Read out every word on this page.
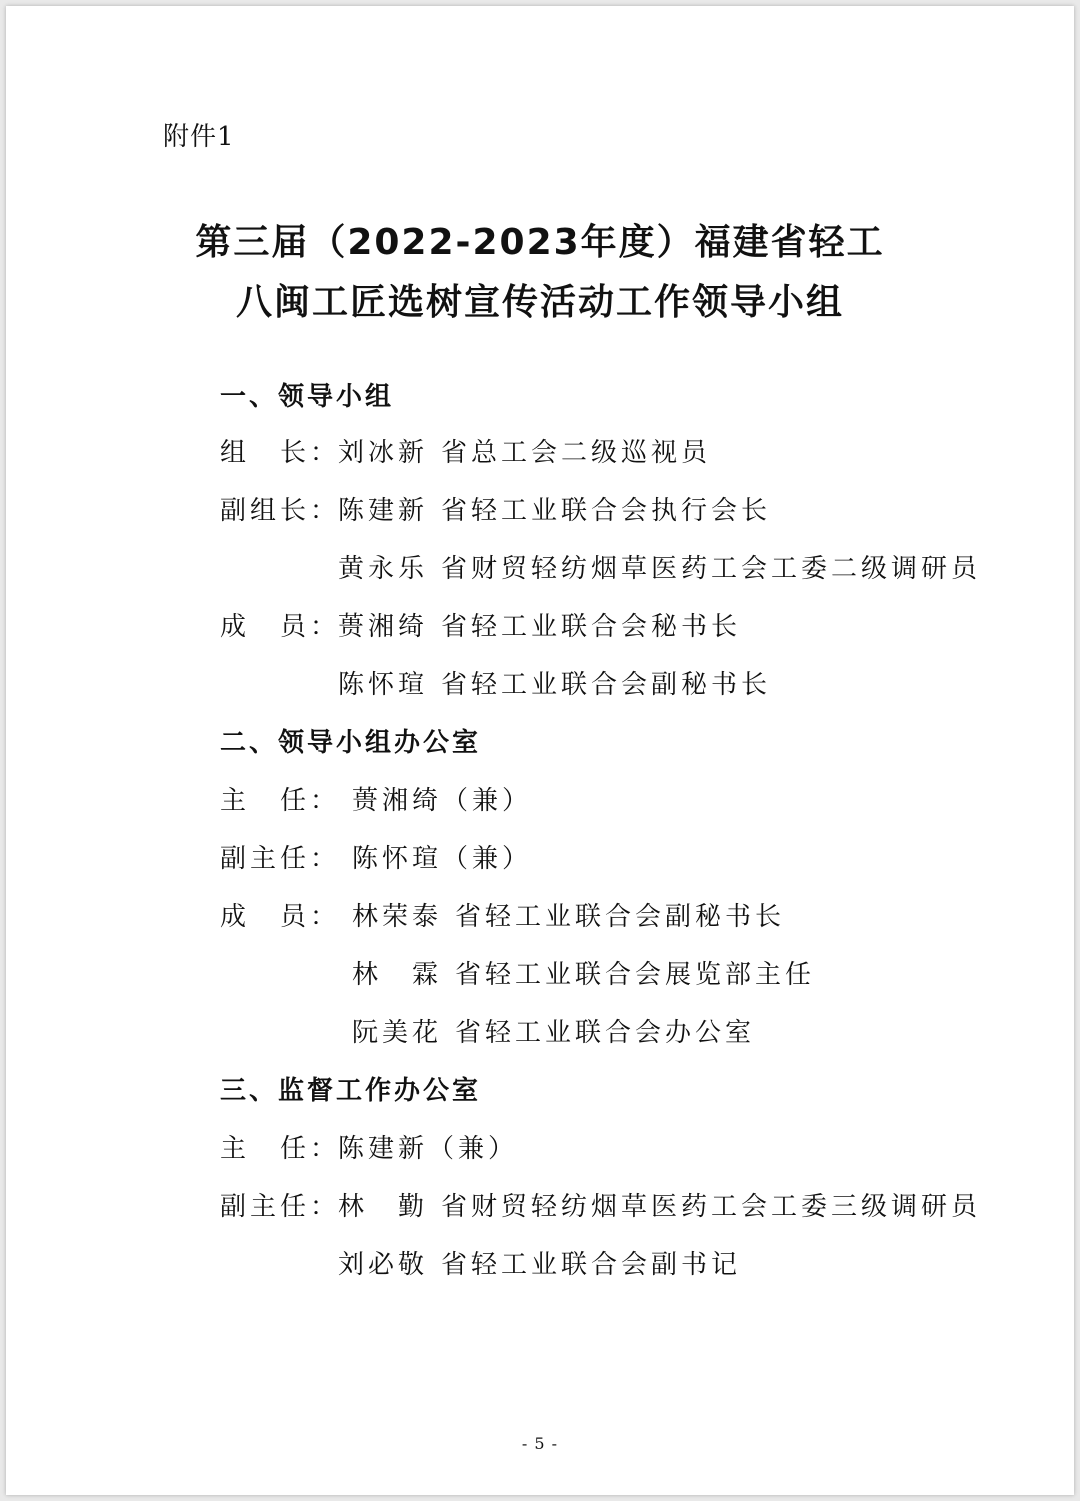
附件1
第三届（2022-2023年度）福建省轻工
八闽工匠选树宣传活动工作领导小组
一、领导小组
组　长：刘冰新 省总工会二级巡视员
副组长：陈建新 省轻工业联合会执行会长
黄永乐 省财贸轻纺烟草医药工会工委二级调研员
成　员：蒉湘绮 省轻工业联合会秘书长
陈怀瑄 省轻工业联合会副秘书长
二、领导小组办公室
主　任： 蒉湘绮（兼）
副主任： 陈怀瑄（兼）
成　员： 林荣泰 省轻工业联合会副秘书长
林　霖 省轻工业联合会展览部主任
阮美花 省轻工业联合会办公室
三、监督工作办公室
主　任：陈建新（兼）
副主任：林　勤 省财贸轻纺烟草医药工会工委三级调研员
刘必敬 省轻工业联合会副书记
- 5 -
